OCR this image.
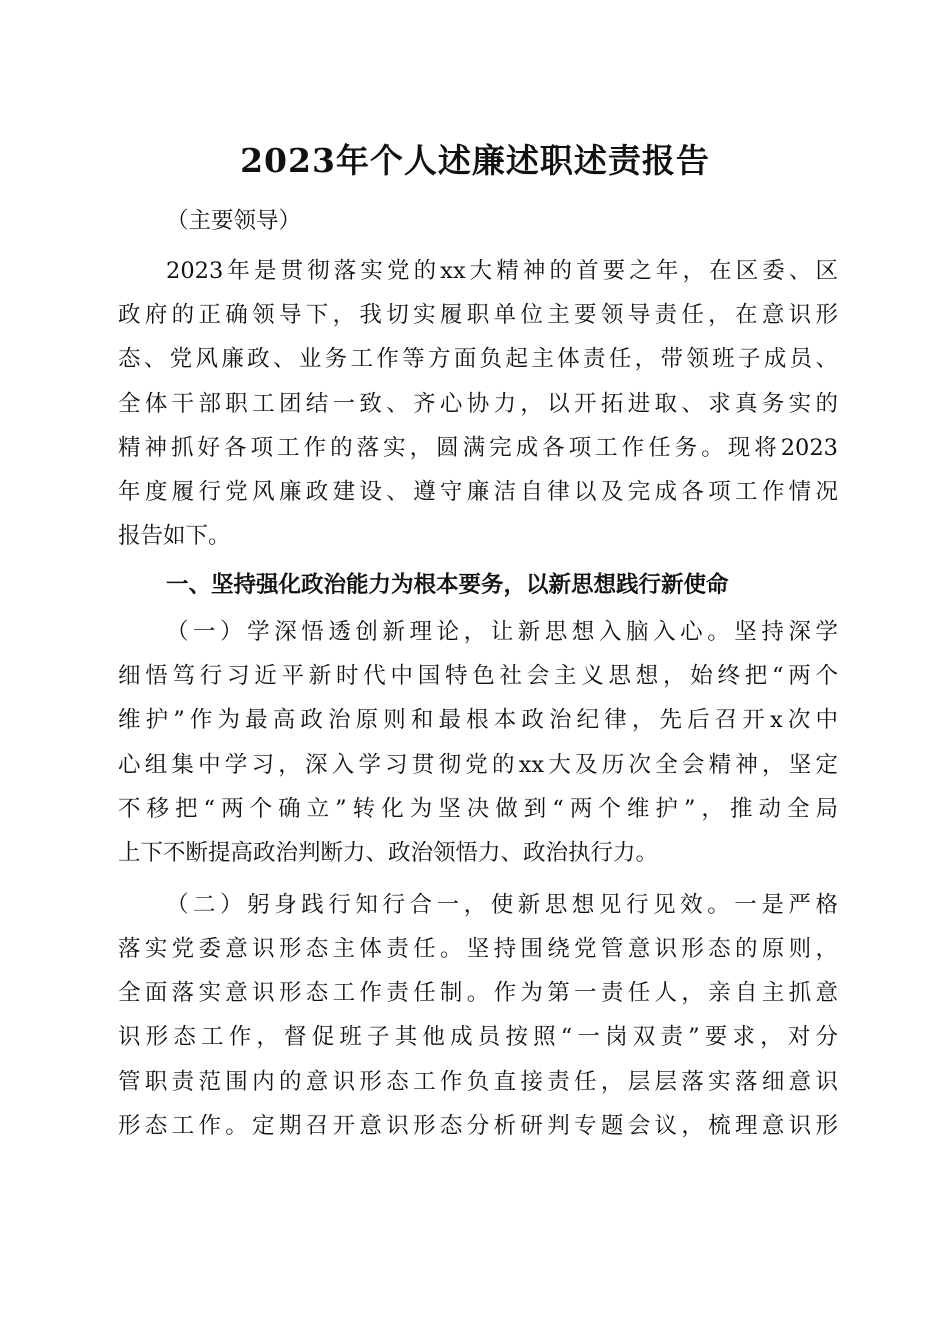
2023年个人述廉述职述责报告
（主要领导）
2023年是贯彻落实党的xx大精神的首要之年，在区委、区
政府的正确领导下，我切实履职单位主要领导责任，在意识形
态、党风廉政、业务工作等方面负起主体责任，带领班子成员、
全体干部职工团结一致、齐心协力，以开拓进取、求真务实的
精神抓好各项工作的落实，圆满完成各项工作任务。现将2023
年度履行党风廉政建设、遵守廉洁自律以及完成各项工作情况
报告如下。
一、坚持强化政治能力为根本要务，以新思想践行新使命
（一）学深悟透创新理论，让新思想入脑入心。坚持深学
细悟笃行习近平新时代中国特色社会主义思想，始终把“两个
维护”作为最高政治原则和最根本政治纪律，先后召开x次中
心组集中学习，深入学习贯彻党的xx大及历次全会精神，坚定
不移把“两个确立”转化为坚决做到“两个维护”，推动全局
上下不断提高政治判断力、政治领悟力、政治执行力。
（二）躬身践行知行合一，使新思想见行见效。一是严格
落实党委意识形态主体责任。坚持围绕党管意识形态的原则，
全面落实意识形态工作责任制。作为第一责任人，亲自主抓意
识形态工作，督促班子其他成员按照“一岗双责”要求，对分
管职责范围内的意识形态工作负直接责任，层层落实落细意识
形态工作。定期召开意识形态分析研判专题会议，梳理意识形
